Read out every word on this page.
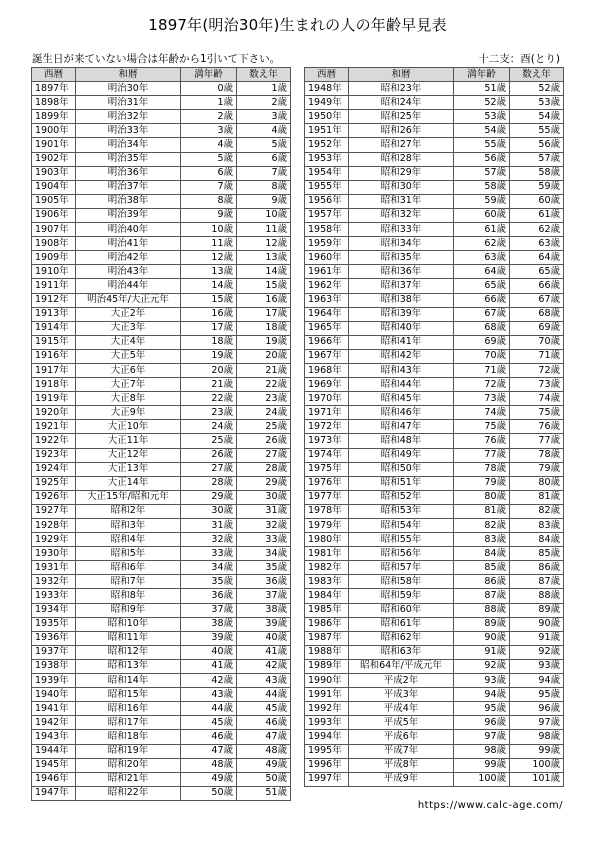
1897年(明治30年)生まれの人の年齢早見表
誕生日が来ていない場合は年齢から1引いて下さい。	十二支：酉(とり)
西暦	和暦	満年齢	数え年
1897年	明治30年	0歳	1歳
1898年	明治31年	1歳	2歳
1899年	明治32年	2歳	3歳
1900年	明治33年	3歳	4歳
1901年	明治34年	4歳	5歳
1902年	明治35年	5歳	6歳
1903年	明治36年	6歳	7歳
1904年	明治37年	7歳	8歳
1905年	明治38年	8歳	9歳
1906年	明治39年	9歳	10歳
1907年	明治40年	10歳	11歳
1908年	明治41年	11歳	12歳
1909年	明治42年	12歳	13歳
1910年	明治43年	13歳	14歳
1911年	明治44年	14歳	15歳
1912年	明治45年/大正元年	15歳	16歳
1913年	大正2年	16歳	17歳
1914年	大正3年	17歳	18歳
1915年	大正4年	18歳	19歳
1916年	大正5年	19歳	20歳
1917年	大正6年	20歳	21歳
1918年	大正7年	21歳	22歳
1919年	大正8年	22歳	23歳
1920年	大正9年	23歳	24歳
1921年	大正10年	24歳	25歳
1922年	大正11年	25歳	26歳
1923年	大正12年	26歳	27歳
1924年	大正13年	27歳	28歳
1925年	大正14年	28歳	29歳
1926年	大正15年/昭和元年	29歳	30歳
1927年	昭和2年	30歳	31歳
1928年	昭和3年	31歳	32歳
1929年	昭和4年	32歳	33歳
1930年	昭和5年	33歳	34歳
1931年	昭和6年	34歳	35歳
1932年	昭和7年	35歳	36歳
1933年	昭和8年	36歳	37歳
1934年	昭和9年	37歳	38歳
1935年	昭和10年	38歳	39歳
1936年	昭和11年	39歳	40歳
1937年	昭和12年	40歳	41歳
1938年	昭和13年	41歳	42歳
1939年	昭和14年	42歳	43歳
1940年	昭和15年	43歳	44歳
1941年	昭和16年	44歳	45歳
1942年	昭和17年	45歳	46歳
1943年	昭和18年	46歳	47歳
1944年	昭和19年	47歳	48歳
1945年	昭和20年	48歳	49歳
1946年	昭和21年	49歳	50歳
1947年	昭和22年	50歳	51歳
西暦	和暦	満年齢	数え年
1948年	昭和23年	51歳	52歳
1949年	昭和24年	52歳	53歳
1950年	昭和25年	53歳	54歳
1951年	昭和26年	54歳	55歳
1952年	昭和27年	55歳	56歳
1953年	昭和28年	56歳	57歳
1954年	昭和29年	57歳	58歳
1955年	昭和30年	58歳	59歳
1956年	昭和31年	59歳	60歳
1957年	昭和32年	60歳	61歳
1958年	昭和33年	61歳	62歳
1959年	昭和34年	62歳	63歳
1960年	昭和35年	63歳	64歳
1961年	昭和36年	64歳	65歳
1962年	昭和37年	65歳	66歳
1963年	昭和38年	66歳	67歳
1964年	昭和39年	67歳	68歳
1965年	昭和40年	68歳	69歳
1966年	昭和41年	69歳	70歳
1967年	昭和42年	70歳	71歳
1968年	昭和43年	71歳	72歳
1969年	昭和44年	72歳	73歳
1970年	昭和45年	73歳	74歳
1971年	昭和46年	74歳	75歳
1972年	昭和47年	75歳	76歳
1973年	昭和48年	76歳	77歳
1974年	昭和49年	77歳	78歳
1975年	昭和50年	78歳	79歳
1976年	昭和51年	79歳	80歳
1977年	昭和52年	80歳	81歳
1978年	昭和53年	81歳	82歳
1979年	昭和54年	82歳	83歳
1980年	昭和55年	83歳	84歳
1981年	昭和56年	84歳	85歳
1982年	昭和57年	85歳	86歳
1983年	昭和58年	86歳	87歳
1984年	昭和59年	87歳	88歳
1985年	昭和60年	88歳	89歳
1986年	昭和61年	89歳	90歳
1987年	昭和62年	90歳	91歳
1988年	昭和63年	91歳	92歳
1989年	昭和64年/平成元年	92歳	93歳
1990年	平成2年	93歳	94歳
1991年	平成3年	94歳	95歳
1992年	平成4年	95歳	96歳
1993年	平成5年	96歳	97歳
1994年	平成6年	97歳	98歳
1995年	平成7年	98歳	99歳
1996年	平成8年	99歳	100歳
1997年	平成9年	100歳	101歳
https://www.calc-age.com/
